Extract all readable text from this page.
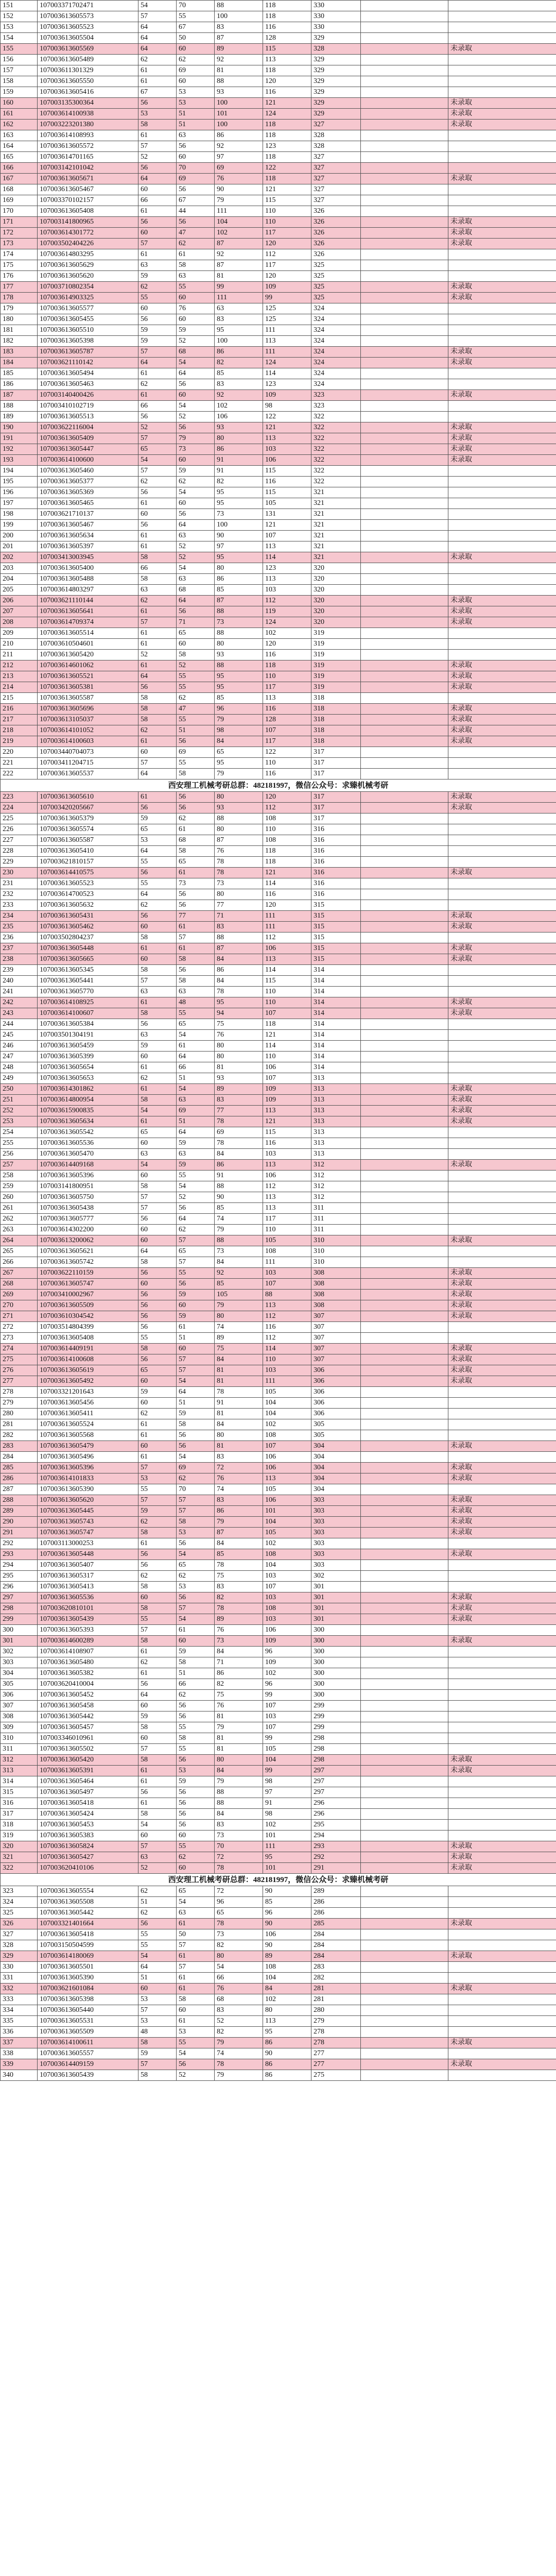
151	107003371702471	54	70	88	118	330		
152	107003613605573	57	55	100	118	330		
153	107003613605523	64	67	83	116	330		
154	107003613605504	64	50	87	128	329		
155	107003613605569	64	60	89	115	328		未录取
156	107003613605489	62	62	92	113	329		
157	107003611301329	61	69	81	118	329		
158	107003613605550	61	60	88	120	329		
159	107003613605416	67	53	93	116	329		
160	107003135300364	56	53	100	121	329		未录取
161	107003614100938	53	51	101	124	329		未录取
162	107003223201380	58	51	100	118	327		未录取
163	107003614108993	61	63	86	118	328		
164	107003613605572	57	56	92	123	328		
165	107003614701165	52	60	97	118	327		
166	107003142101042	56	70	69	122	327		
167	107003613605671	64	69	76	118	327		未录取
168	107003613605467	60	56	90	121	327		
169	107003370102157	66	67	79	115	327		
170	107003613605408	61	44	111	110	326		
171	107003141800965	56	56	104	110	326		未录取
172	107003614301772	60	47	102	117	326		未录取
173	107003502404226	57	62	87	120	326		未录取
174	107003614803295	61	61	92	112	326		
175	107003613605629	63	58	87	117	325		
176	107003613605620	59	63	81	120	325		
177	107003710802354	62	55	99	109	325		未录取
178	107003614903325	55	60	111	99	325		未录取
179	107003613605577	60	76	63	125	324		
180	107003613605455	56	60	83	125	324		
181	107003613605510	59	59	95	111	324		
182	107003613605398	59	52	100	113	324		
183	107003613605787	57	68	86	111	324		未录取
184	107003621110142	64	54	82	124	324		未录取
185	107003613605494	61	64	85	114	324		
186	107003613605463	62	56	83	123	324		
187	107003140400426	61	60	92	109	323		未录取
188	107003410102719	66	54	102	98	323		
189	107003613605513	56	52	106	122	322		
190	107003622116004	52	56	93	121	322		未录取
191	107003613605409	57	79	80	113	322		未录取
192	107003613605447	65	73	86	103	322		未录取
193	107003614100600	54	60	91	106	322		未录取
194	107003613605460	57	59	91	115	322		
195	107003613605377	62	62	82	116	322		
196	107003613605369	56	54	95	115	321		
197	107003613605465	61	60	95	105	321		
198	107003621710137	60	56	73	131	321		
199	107003613605467	56	64	100	121	321		
200	107003613605634	61	63	90	107	321		
201	107003613605397	61	52	97	113	321		
202	107003413003945	58	52	95	114	321		未录取
203	107003613605400	66	54	80	123	320		
204	107003613605488	58	63	86	113	320		
205	107003614803297	63	68	85	103	320		
206	107003621110144	62	64	87	112	320		未录取
207	107003613605641	61	56	88	119	320		未录取
208	107003614709374	57	71	73	124	320		未录取
209	107003613605514	61	65	88	102	319		
210	107003610504601	61	60	80	120	319		
211	107003613605420	52	58	93	116	319		
212	107003614601062	61	52	88	118	319		未录取
213	107003613605521	64	55	95	110	319		未录取
214	107003613605381	56	55	95	117	319		未录取
215	107003613605587	58	62	85	113	318		
216	107003613605696	58	47	96	116	318		未录取
217	107003613105037	58	55	79	128	318		未录取
218	107003614101052	62	51	98	107	318		未录取
219	107003614100603	61	56	84	117	318		未录取
220	107003440704073	60	69	65	122	317		
221	107003411204715	57	55	95	110	317		
222	107003613605537	64	58	79	116	317		
西安理工机械考研总群：482181997，微信公众号：求臻机械考研								
223	107003613605610	61	56	80	120	317		未录取
224	107003420205667	56	56	93	112	317		未录取
225	107003613605379	59	62	88	108	317		
226	107003613605574	65	61	80	110	316		
227	107003613605587	53	68	87	108	316		
228	107003613605410	64	58	76	118	316		
229	107003621810157	55	65	78	118	316		
230	107003614410575	56	61	78	121	316		未录取
231	107003613605523	55	73	73	114	316		
232	107003614700523	64	56	80	116	316		
233	107003613605632	62	56	77	120	315		
234	107003613605431	56	77	71	111	315		未录取
235	107003613605462	60	61	83	111	315		未录取
236	107003502804237	58	57	88	112	315		
237	107003613605448	61	61	87	106	315		未录取
238	107003613605665	60	58	84	113	315		未录取
239	107003613605345	58	56	86	114	314		
240	107003613605441	57	58	84	115	314		
241	107003613605770	63	63	78	110	314		
242	107003614108925	61	48	95	110	314		未录取
243	107003614100607	58	55	94	107	314		未录取
244	107003613605384	56	65	75	118	314		
245	107003501304191	63	54	76	121	314		
246	107003613605459	59	61	80	114	314		
247	107003613605399	60	64	80	110	314		
248	107003613605654	61	66	81	106	314		
249	107003613605653	62	51	93	107	313		
250	107003614301862	61	54	89	109	313		未录取
251	107003614800954	58	63	83	109	313		未录取
252	107003615900835	54	69	77	113	313		未录取
253	107003613605634	61	51	78	121	313		未录取
254	107003613605542	65	64	69	115	313		
255	107003613605536	60	59	78	116	313		
256	107003613605470	63	63	84	103	313		
257	107003614409168	54	59	86	113	312		未录取
258	107003613605396	60	55	91	106	312		
259	107003141800951	58	54	88	112	312		
260	107003613605750	57	52	90	113	312		
261	107003613605438	57	56	85	113	311		
262	107003613605777	56	64	74	117	311		
263	107003614302200	60	62	79	110	311		
264	107003613200062	60	57	88	105	310		未录取
265	107003613605621	64	65	73	108	310		
266	107003613605742	58	57	84	111	310		
267	107003622110159	56	55	92	103	308		未录取
268	107003613605747	60	56	85	107	308		未录取
269	107003410002967	56	59	105	88	308		未录取
270	107003613605509	56	60	79	113	308		未录取
271	107003610304542	56	59	80	112	307		未录取
272	107003514804399	56	61	74	116	307		
273	107003613605408	55	51	89	112	307		
274	107003614409191	58	60	75	114	307		未录取
275	107003614100608	56	57	84	110	307		未录取
276	107003613605619	65	57	81	103	306		未录取
277	107003613605492	60	54	81	111	306		未录取
278	107003321201643	59	64	78	105	306		
279	107003613605456	60	51	91	104	306		
280	107003613605411	62	59	81	104	306		
281	107003613605524	61	58	84	102	305		
282	107003613605568	61	56	80	108	305		
283	107003613605479	60	56	81	107	304		未录取
284	107003613605496	61	54	83	106	304		
285	107003613605396	57	69	72	106	304		未录取
286	107003614101833	53	62	76	113	304		未录取
287	107003613605390	55	70	74	105	304		
288	107003613605620	57	57	83	106	303		未录取
289	107003613605445	59	57	86	101	303		未录取
290	107003613605743	62	58	79	104	303		未录取
291	107003613605747	58	53	87	105	303		未录取
292	107003113000253	61	56	84	102	303		
293	107003613605448	56	54	85	108	303		未录取
294	107003613605407	56	65	78	104	303		
295	107003613605317	62	62	75	103	302		
296	107003613605413	58	53	83	107	301		
297	107003613605536	60	56	82	103	301		未录取
298	107003620810101	58	57	78	108	301		未录取
299	107003613605439	55	54	89	103	301		未录取
300	107003613605393	57	61	76	106	300		
301	107003614600289	58	60	73	109	300		未录取
302	107003614108907	61	59	84	96	300		
303	107003613605480	62	58	71	109	300		
304	107003613605382	61	51	86	102	300		
305	107003620410004	56	66	82	96	300		
306	107003613605452	64	62	75	99	300		
307	107003613605458	60	56	76	107	299		
308	107003613605442	59	56	81	103	299		
309	107003613605457	58	55	79	107	299		
310	107003346010961	60	58	81	99	298		
311	107003613605502	57	55	81	105	298		
312	107003613605420	58	56	80	104	298		未录取
313	107003613605391	61	53	84	99	297		未录取
314	107003613605464	61	59	79	98	297		
315	107003613605497	56	56	88	97	297		
316	107003613605418	61	56	88	91	296		
317	107003613605424	58	56	84	98	296		
318	107003613605453	54	56	83	102	295		
319	107003613605383	60	60	73	101	294		
320	107003613605824	57	55	70	111	293		未录取
321	107003613605427	63	62	72	95	292		未录取
322	107003620410106	52	60	78	101	291		未录取
西安理工机械考研总群：482181997，微信公众号：求臻机械考研								
323	107003613605554	62	65	72	90	289		
324	107003613605508	51	54	96	85	286		
325	107003613605442	62	63	65	96	286		
326	107003321401664	56	61	78	90	285		未录取
327	107003613605418	55	50	73	106	284		
328	107003150504599	55	57	82	90	284		
329	107003614180069	54	61	80	89	284		未录取
330	107003613605501	64	57	54	108	283		
331	107003613605390	51	61	66	104	282		
332	107003621601084	60	61	76	84	281		未录取
333	107003613605398	53	58	68	102	281		
334	107003613605440	57	60	83	80	280		
335	107003613605531	53	61	52	113	279		
336	107003613605509	48	53	82	95	278		
337	107003614100611	58	55	79	86	278		未录取
338	107003613605557	59	54	74	90	277		
339	107003614409159	57	56	78	86	277		未录取
340	107003613605439	58	52	79	86	275		
